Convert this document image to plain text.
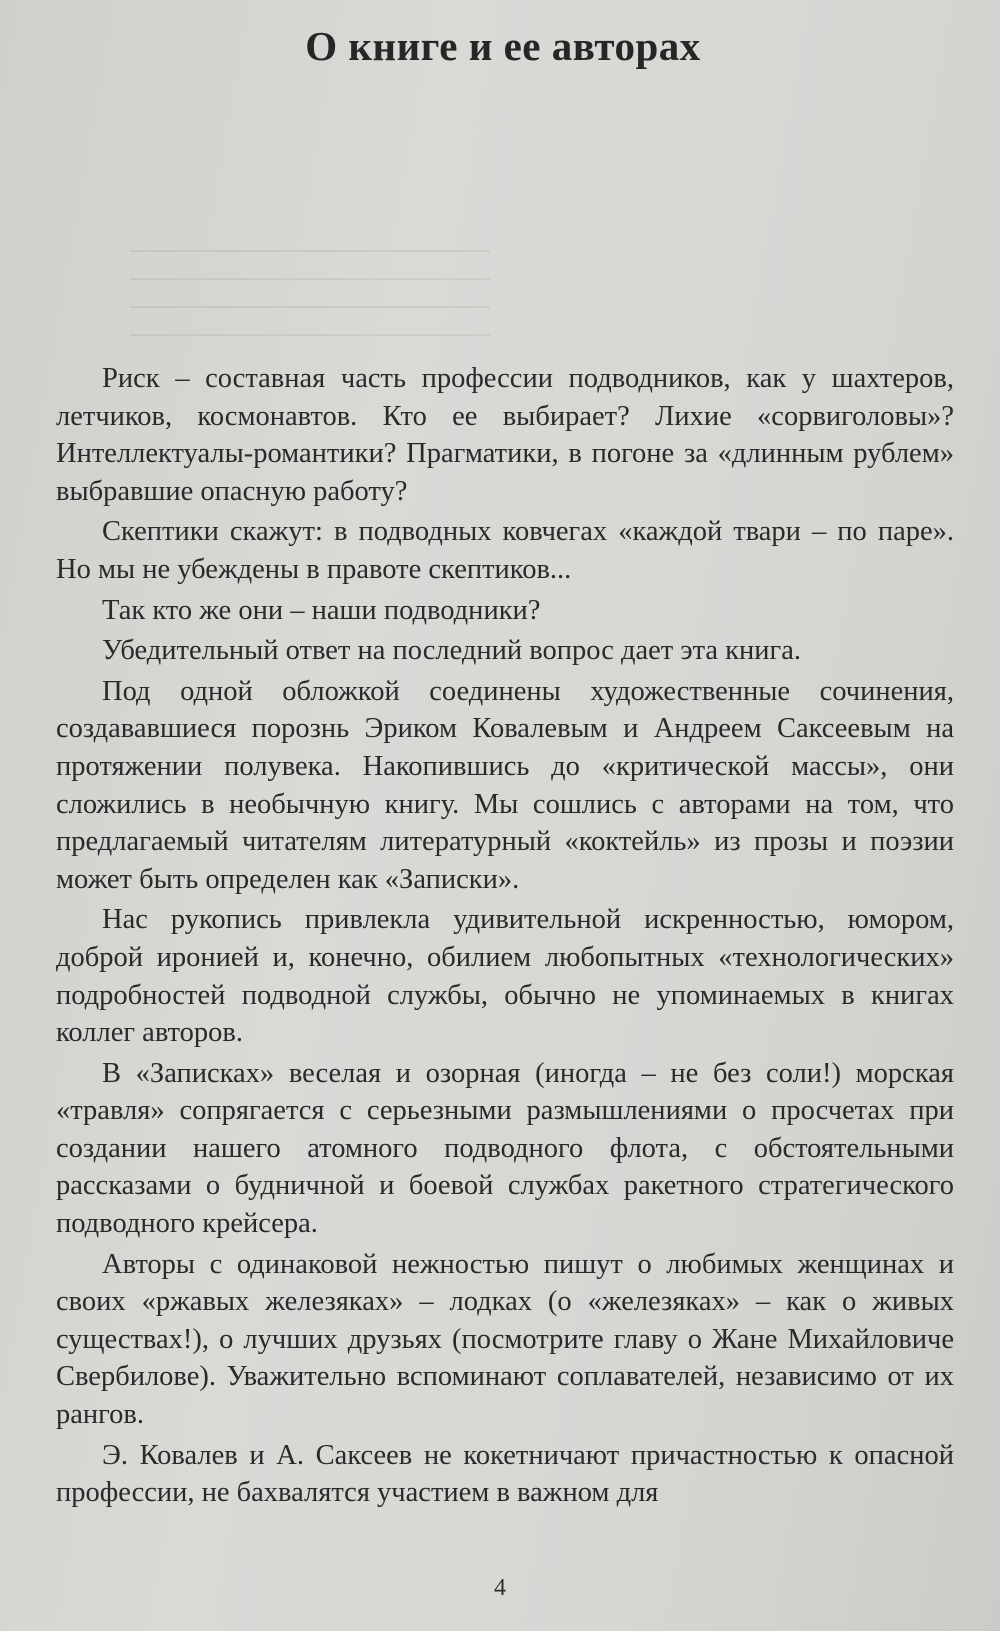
О книге и ее авторах

Риск – составная часть профессии подводников, как у шахтеров, летчиков, космонавтов. Кто ее выбирает? Лихие «сорвиголовы»? Интеллектуалы-романтики? Прагматики, в погоне за «длинным рублем» выбравшие опасную работу?

Скептики скажут: в подводных ковчегах «каждой твари – по паре». Но мы не убеждены в правоте скептиков...

Так кто же они – наши подводники?

Убедительный ответ на последний вопрос дает эта книга.

Под одной обложкой соединены художественные сочинения, создававшиеся порознь Эриком Ковалевым и Андреем Саксеевым на протяжении полувека. Накопившись до «критической массы», они сложились в необычную книгу. Мы сошлись с авторами на том, что предлагаемый читателям литературный «коктейль» из прозы и поэзии может быть определен как «Записки».

Нас рукопись привлекла удивительной искренностью, юмором, доброй иронией и, конечно, обилием любопытных «технологических» подробностей подводной службы, обычно не упоминаемых в книгах коллег авторов.

В «Записках» веселая и озорная (иногда – не без соли!) морская «травля» сопрягается с серьезными размышлениями о просчетах при создании нашего атомного подводного флота, с обстоятельными рассказами о будничной и боевой службах ракетного стратегического подводного крейсера.

Авторы с одинаковой нежностью пишут о любимых женщинах и своих «ржавых железяках» – лодках (о «железяках» – как о живых существах!), о лучших друзьях (посмотрите главу о Жане Михайловиче Свербилове). Уважительно вспоминают соплавателей, независимо от их рангов.

Э. Ковалев и А. Саксеев не кокетничают причастностью к опасной профессии, не бахвалятся участием в важном для

4
